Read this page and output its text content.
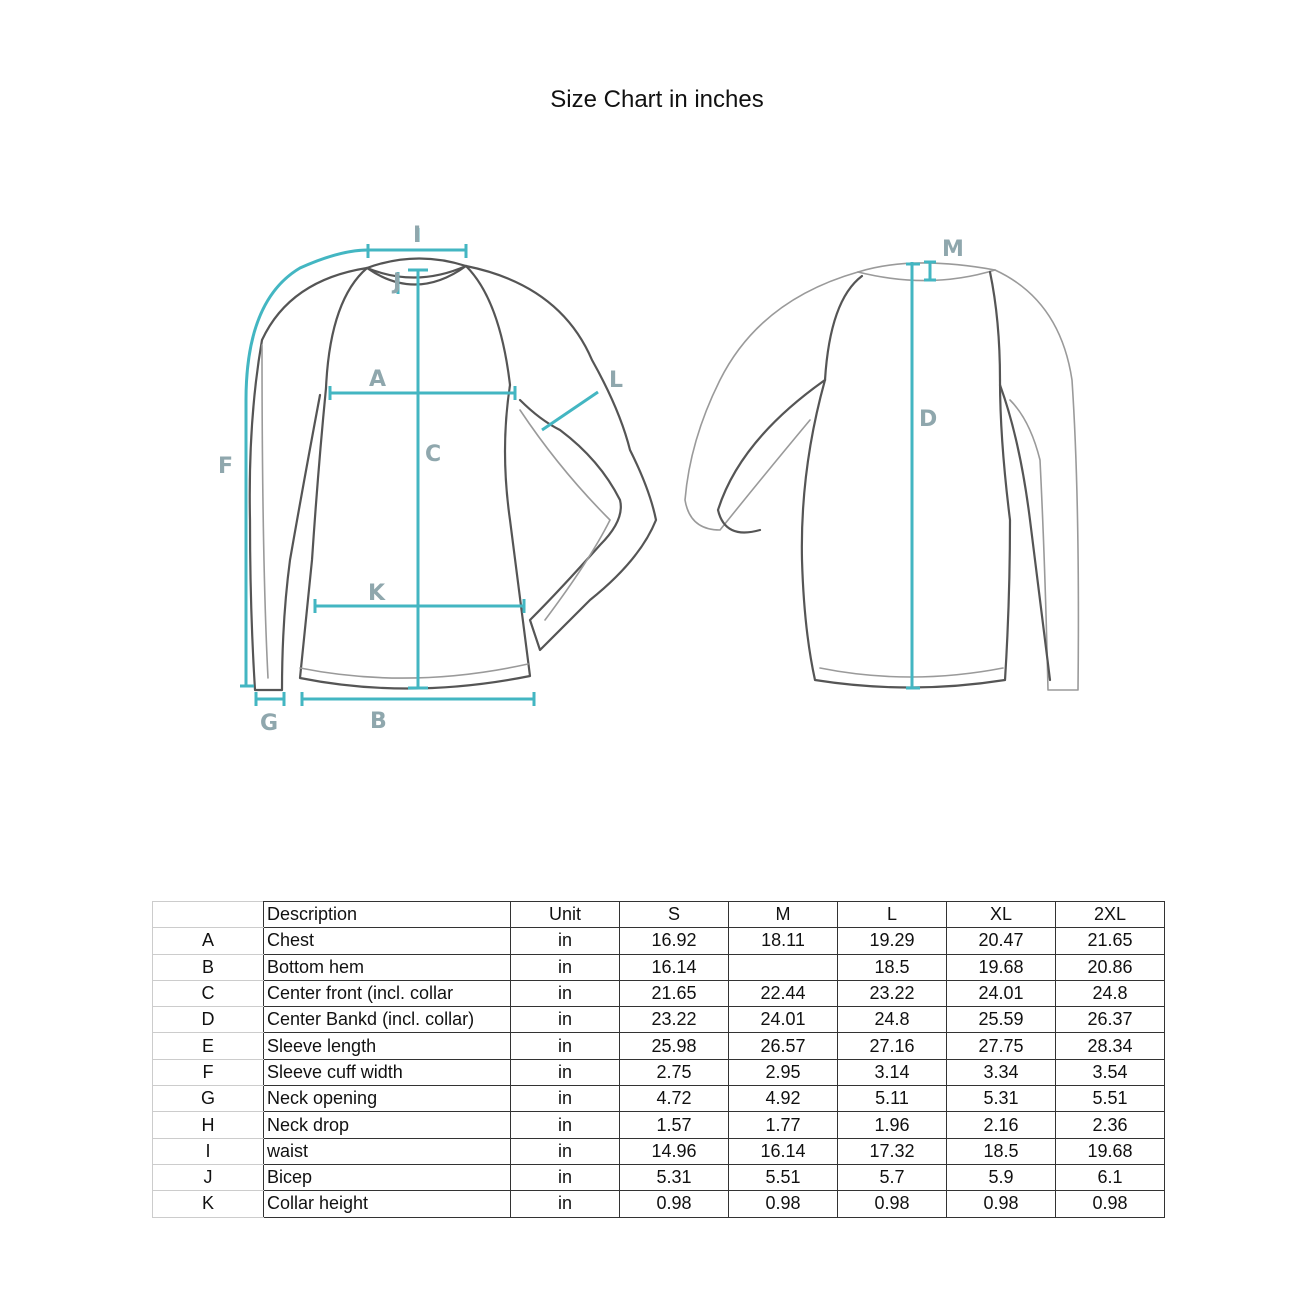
Size Chart in inches
A
B
C
D
F
G
I
J
K
L
M
	Description	Unit	S	M	L	XL	2XL
A	Chest	in	16.92	18.11	19.29	20.47	21.65
B	Bottom hem	in	16.14		18.5	19.68	20.86
C	Center front (incl. collar	in	21.65	22.44	23.22	24.01	24.8
D	Center Bankd (incl. collar)	in	23.22	24.01	24.8	25.59	26.37
E	Sleeve length	in	25.98	26.57	27.16	27.75	28.34
F	Sleeve cuff width	in	2.75	2.95	3.14	3.34	3.54
G	Neck opening	in	4.72	4.92	5.11	5.31	5.51
H	Neck drop	in	1.57	1.77	1.96	2.16	2.36
I	waist	in	14.96	16.14	17.32	18.5	19.68
J	Bicep	in	5.31	5.51	5.7	5.9	6.1
K	Collar height	in	0.98	0.98	0.98	0.98	0.98
